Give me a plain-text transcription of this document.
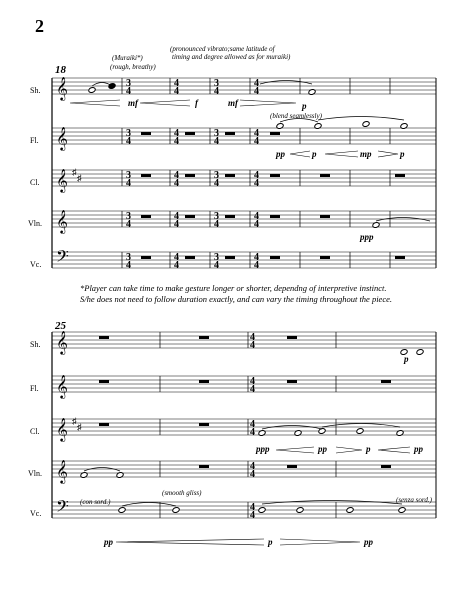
2
𝄞
𝄞
𝄞
𝄞
𝄢
𝄞
𝄞
𝄞
𝄞
𝄢
♯
♯
♯
♯
3
4
3
4
3
4
3
4
3
4
4
4
4
4
4
4
4
4
4
4
3
4
3
4
3
4
3
4
3
4
4
4
4
4
4
4
4
4
4
4
4
4
4
4
4
4
4
4
4
4
Sh.
Fl.
Cl.
Vln.
Vc.
Sh.
Fl.
Cl.
Vln.
Vc.
18
25
(Muraiki*)
(rough, breathy)
(pronounced vibrato;same latitude of
timing and degree allowed as for muraiki)
(blend seamlessly)
mf	f	mf	p
pp	p	mp	p
ppp
(con sord.)
(smooth gliss)
(senza sord.)
p
ppp	pp	p	pp
pp	p	pp
*Player can take time to make gesture longer or shorter, dependng of interpretive instinct.
S/he does not need to follow duration exactly, and can vary the timing throughout the piece.
